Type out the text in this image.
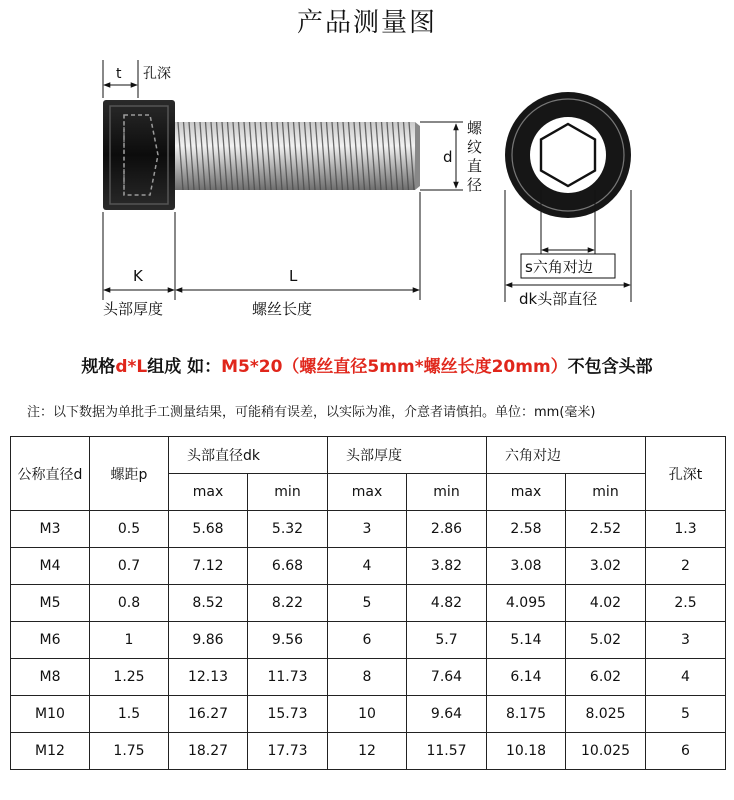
产品测量图
t 孔深
K	L
头部厚度	螺丝长度
d
螺
纹
直
径
s六角对边
dk头部直径
规格d*L组成 如：M5*20（螺丝直径5mm*螺丝长度20mm）不包含头部
注：以下数据为单批手工测量结果，可能稍有误差，以实际为准，介意者请慎拍。单位：mm(毫米)
公称直径d	螺距p	头部直径dk		头部厚度		六角对边		孔深t
		max	min	max	min	max	min	
M3	0.5	5.68	5.32	3	2.86	2.58	2.52	1.3
M4	0.7	7.12	6.68	4	3.82	3.08	3.02	2
M5	0.8	8.52	8.22	5	4.82	4.095	4.02	2.5
M6	1	9.86	9.56	6	5.7	5.14	5.02	3
M8	1.25	12.13	11.73	8	7.64	6.14	6.02	4
M10	1.5	16.27	15.73	10	9.64	8.175	8.025	5
M12	1.75	18.27	17.73	12	11.57	10.18	10.025	6
